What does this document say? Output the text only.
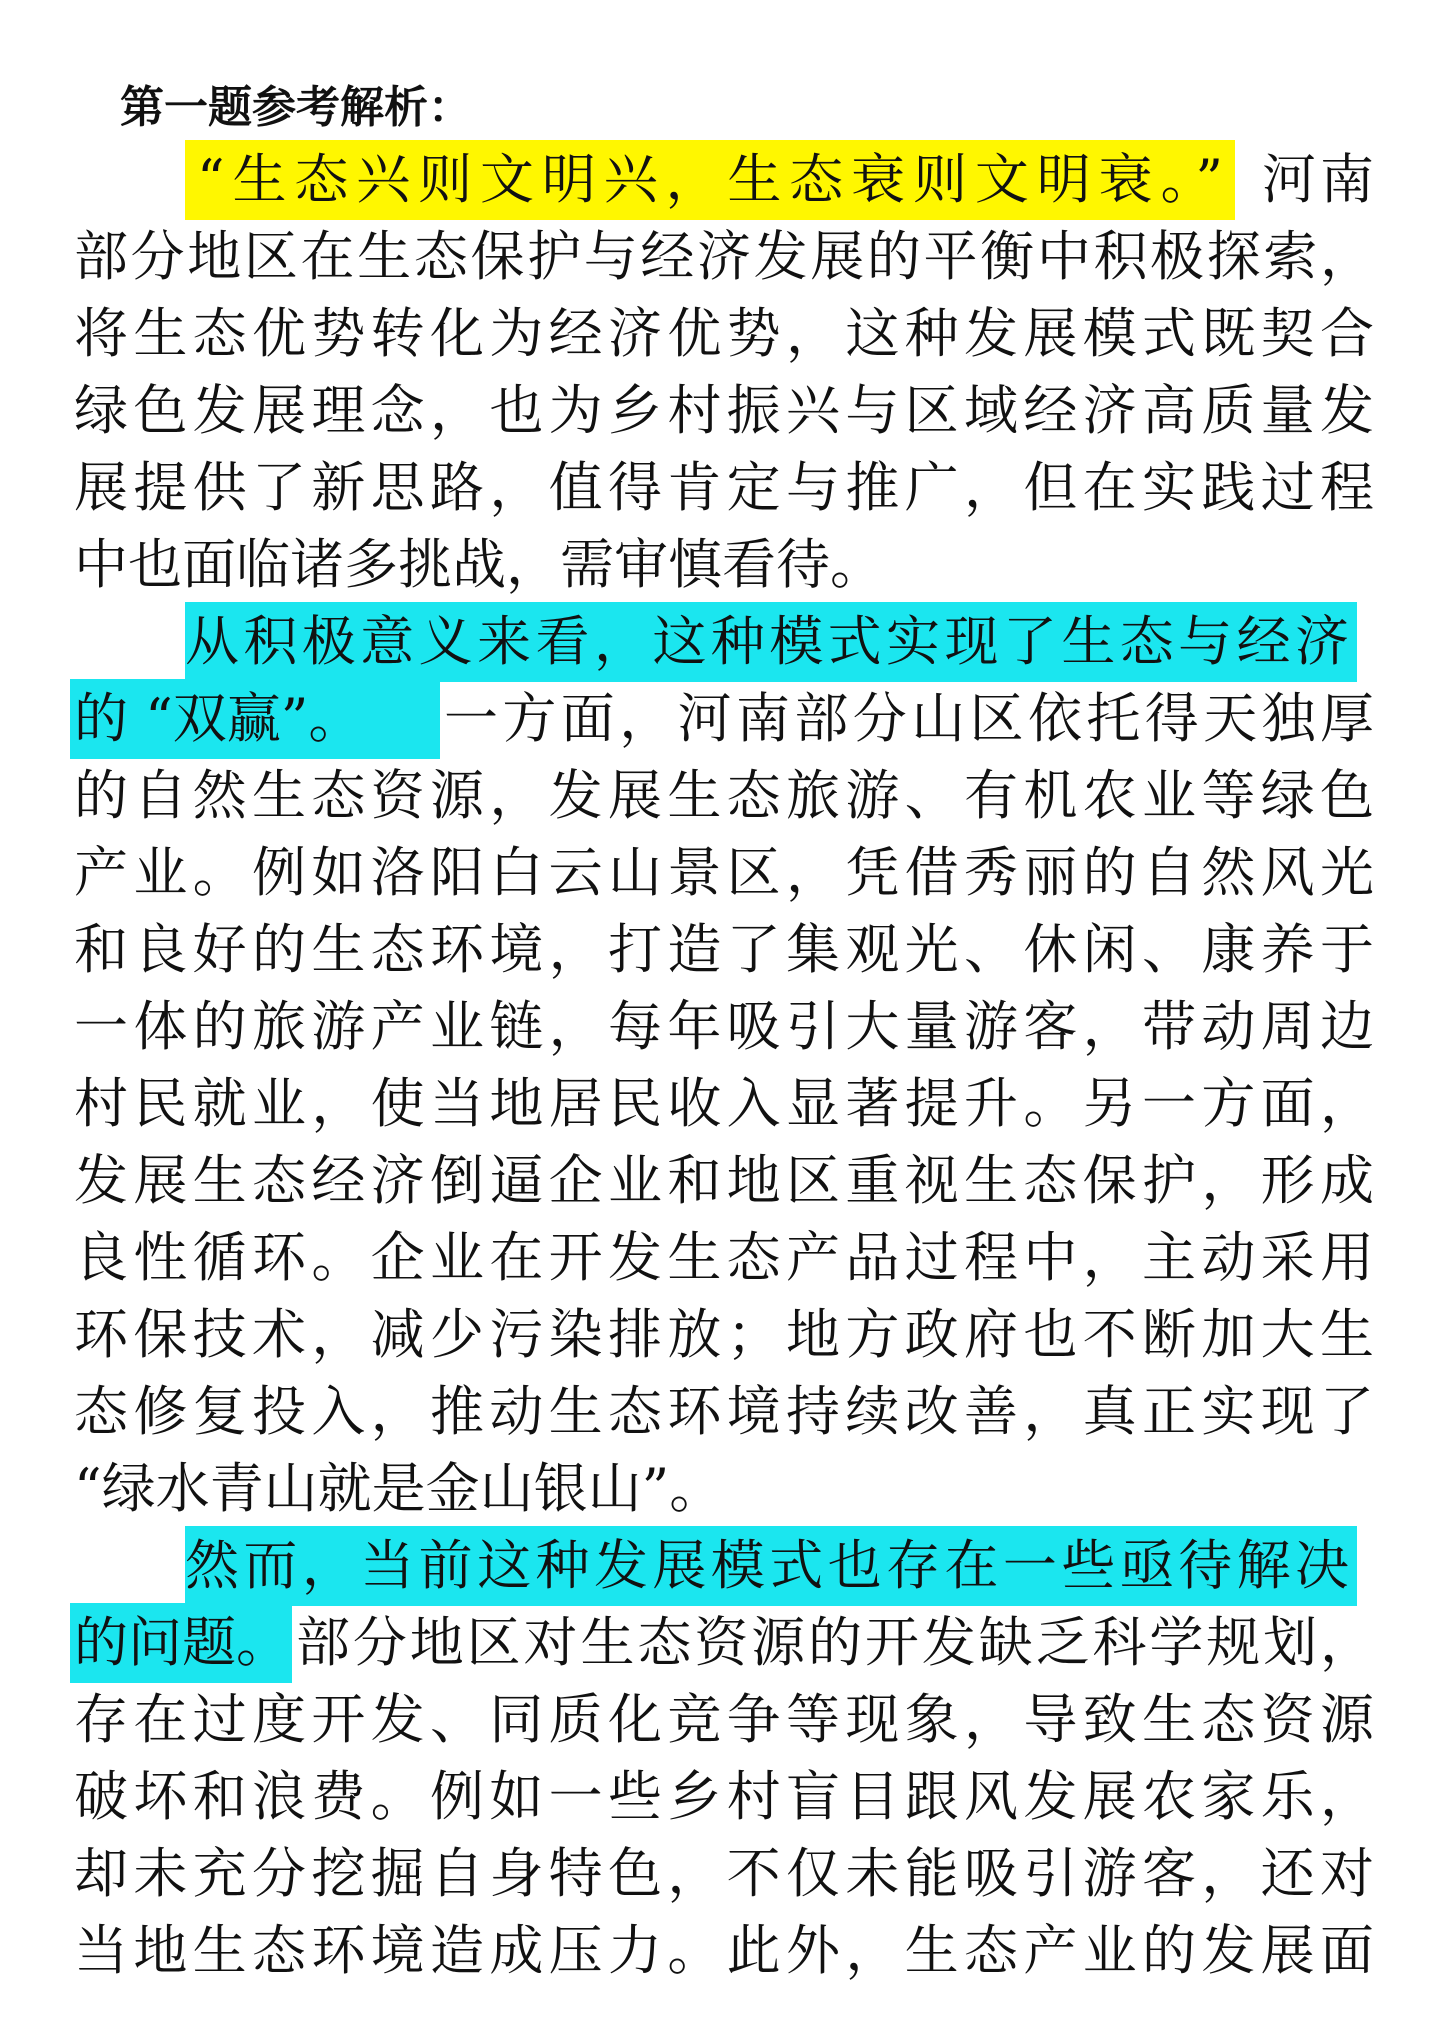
第一题参考解析：
“生态兴则文明兴，生态衰则文明衰。” 河南

部分地区在生态保护与经济发展的平衡中积极探索，

将生态优势转化为经济优势，这种发展模式既契合

绿色发展理念，也为乡村振兴与区域经济高质量发

展提供了新思路，值得肯定与推广，但在实践过程

中也面临诸多挑战，需审慎看待。

从积极意义来看，这种模式实现了生态与经济
的 “双赢”。	一方面，河南部分山区依托得天独厚

的自然生态资源，发展生态旅游、有机农业等绿色

产业。例如洛阳白云山景区，凭借秀丽的自然风光

和良好的生态环境，打造了集观光、休闲、康养于

一体的旅游产业链，每年吸引大量游客，带动周边

村民就业，使当地居民收入显著提升。另一方面，

发展生态经济倒逼企业和地区重视生态保护，形成

良性循环。企业在开发生态产品过程中，主动采用

环保技术，减少污染排放；地方政府也不断加大生

态修复投入，推动生态环境持续改善，真正实现了

“绿水青山就是金山银山”。

然而，当前这种发展模式也存在一些亟待解决
的问题。 部分地区对生态资源的开发缺乏科学规划，

存在过度开发、同质化竞争等现象，导致生态资源

破坏和浪费。例如一些乡村盲目跟风发展农家乐，

却未充分挖掘自身特色，不仅未能吸引游客，还对

当地生态环境造成压力。此外，生态产业的发展面
